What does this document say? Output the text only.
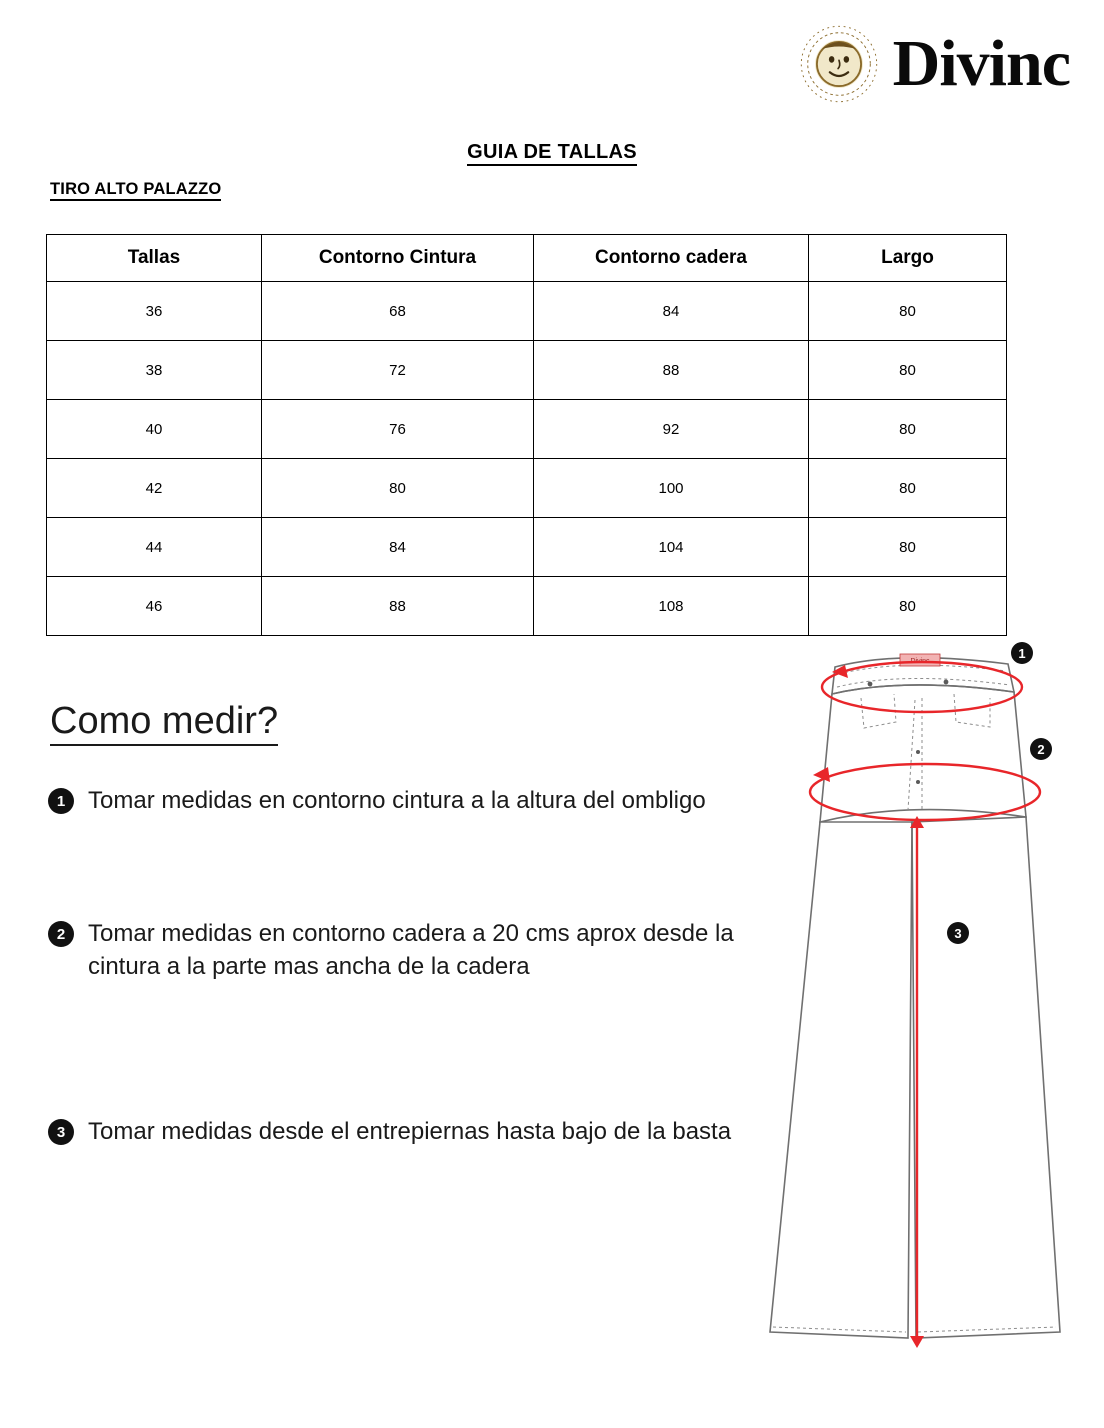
Divinc
GUIA DE TALLAS
TIRO ALTO PALAZZO
Tallas	Contorno Cintura	Contorno cadera	Largo
36	68	84	80
38	72	88	80
40	76	92	80
42	80	100	80
44	84	104	80
46	88	108	80
Como medir?
1 Tomar medidas en contorno cintura a la altura del ombligo
2 Tomar medidas en contorno cadera a 20 cms aprox desde la cintura a la parte mas ancha de la cadera
3 Tomar medidas desde el entrepiernas hasta bajo de la basta
Divinc
1
2
3
